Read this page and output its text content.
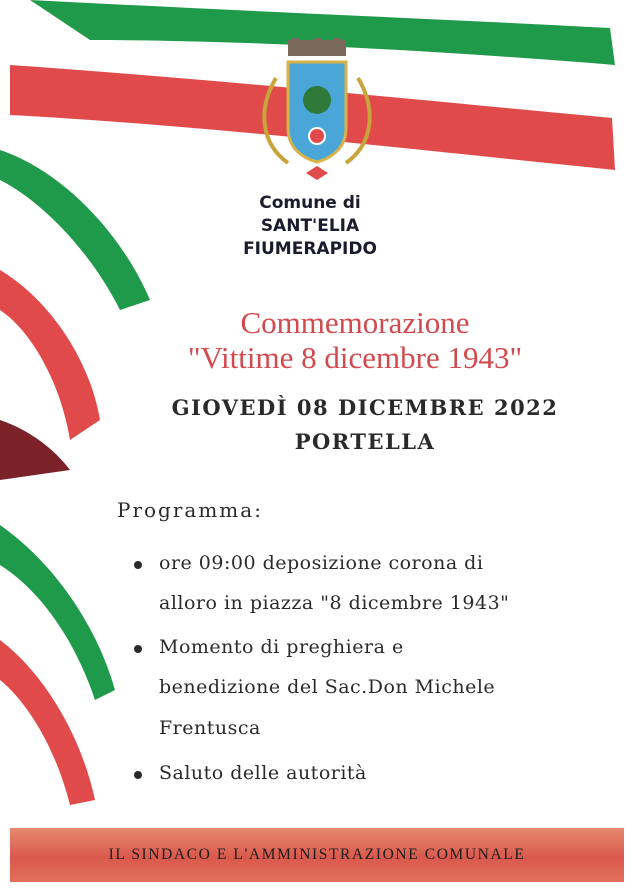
Comune di
SANT'ELIA
FIUMERAPIDO
Commemorazione
"Vittime 8 dicembre 1943"
GIOVEDÌ 08 DICEMBRE 2022
PORTELLA
Programma:
ore 09:00 deposizione corona di
alloro in piazza "8 dicembre 1943"
Momento di preghiera e
benedizione del Sac.Don Michele
Frentusca
Saluto delle autorità
IL SINDACO E L'AMMINISTRAZIONE COMUNALE
